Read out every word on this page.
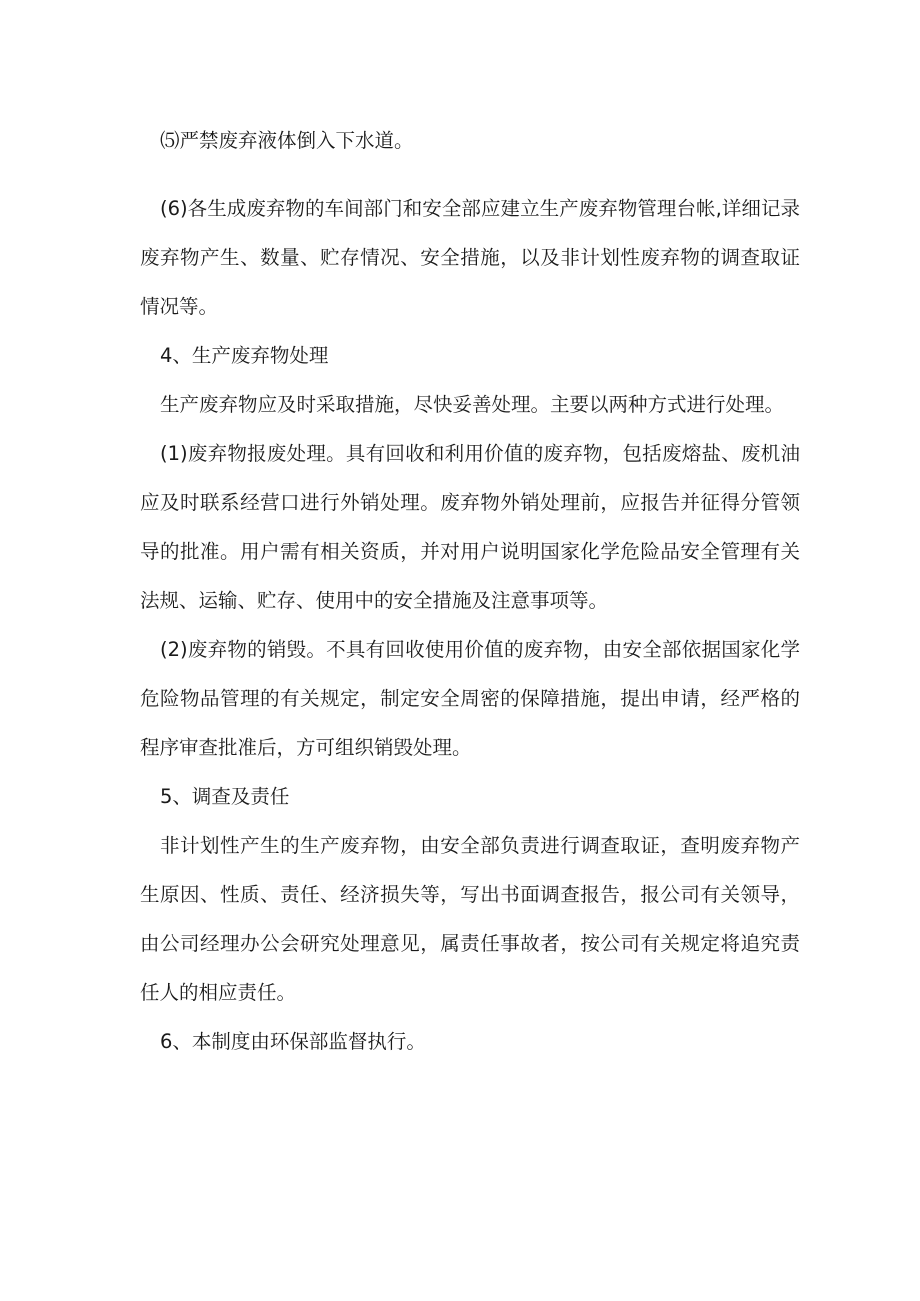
⑸严禁废弃液体倒入下水道。

(6)各生成废弃物的车间部门和安全部应建立生产废弃物管理台帐,详细记录废弃物产生、数量、贮存情况、安全措施，以及非计划性废弃物的调查取证情况等。

4、生产废弃物处理

生产废弃物应及时采取措施，尽快妥善处理。主要以两种方式进行处理。

(1)废弃物报废处理。具有回收和利用价值的废弃物，包括废熔盐、废机油应及时联系经营口进行外销处理。废弃物外销处理前，应报告并征得分管领导的批准。用户需有相关资质，并对用户说明国家化学危险品安全管理有关法规、运输、贮存、使用中的安全措施及注意事项等。

(2)废弃物的销毁。不具有回收使用价值的废弃物，由安全部依据国家化学危险物品管理的有关规定，制定安全周密的保障措施，提出申请，经严格的程序审查批准后，方可组织销毁处理。

5、调查及责任

非计划性产生的生产废弃物，由安全部负责进行调查取证，查明废弃物产生原因、性质、责任、经济损失等，写出书面调查报告，报公司有关领导，由公司经理办公会研究处理意见，属责任事故者，按公司有关规定将追究责任人的相应责任。

6、本制度由环保部监督执行。
